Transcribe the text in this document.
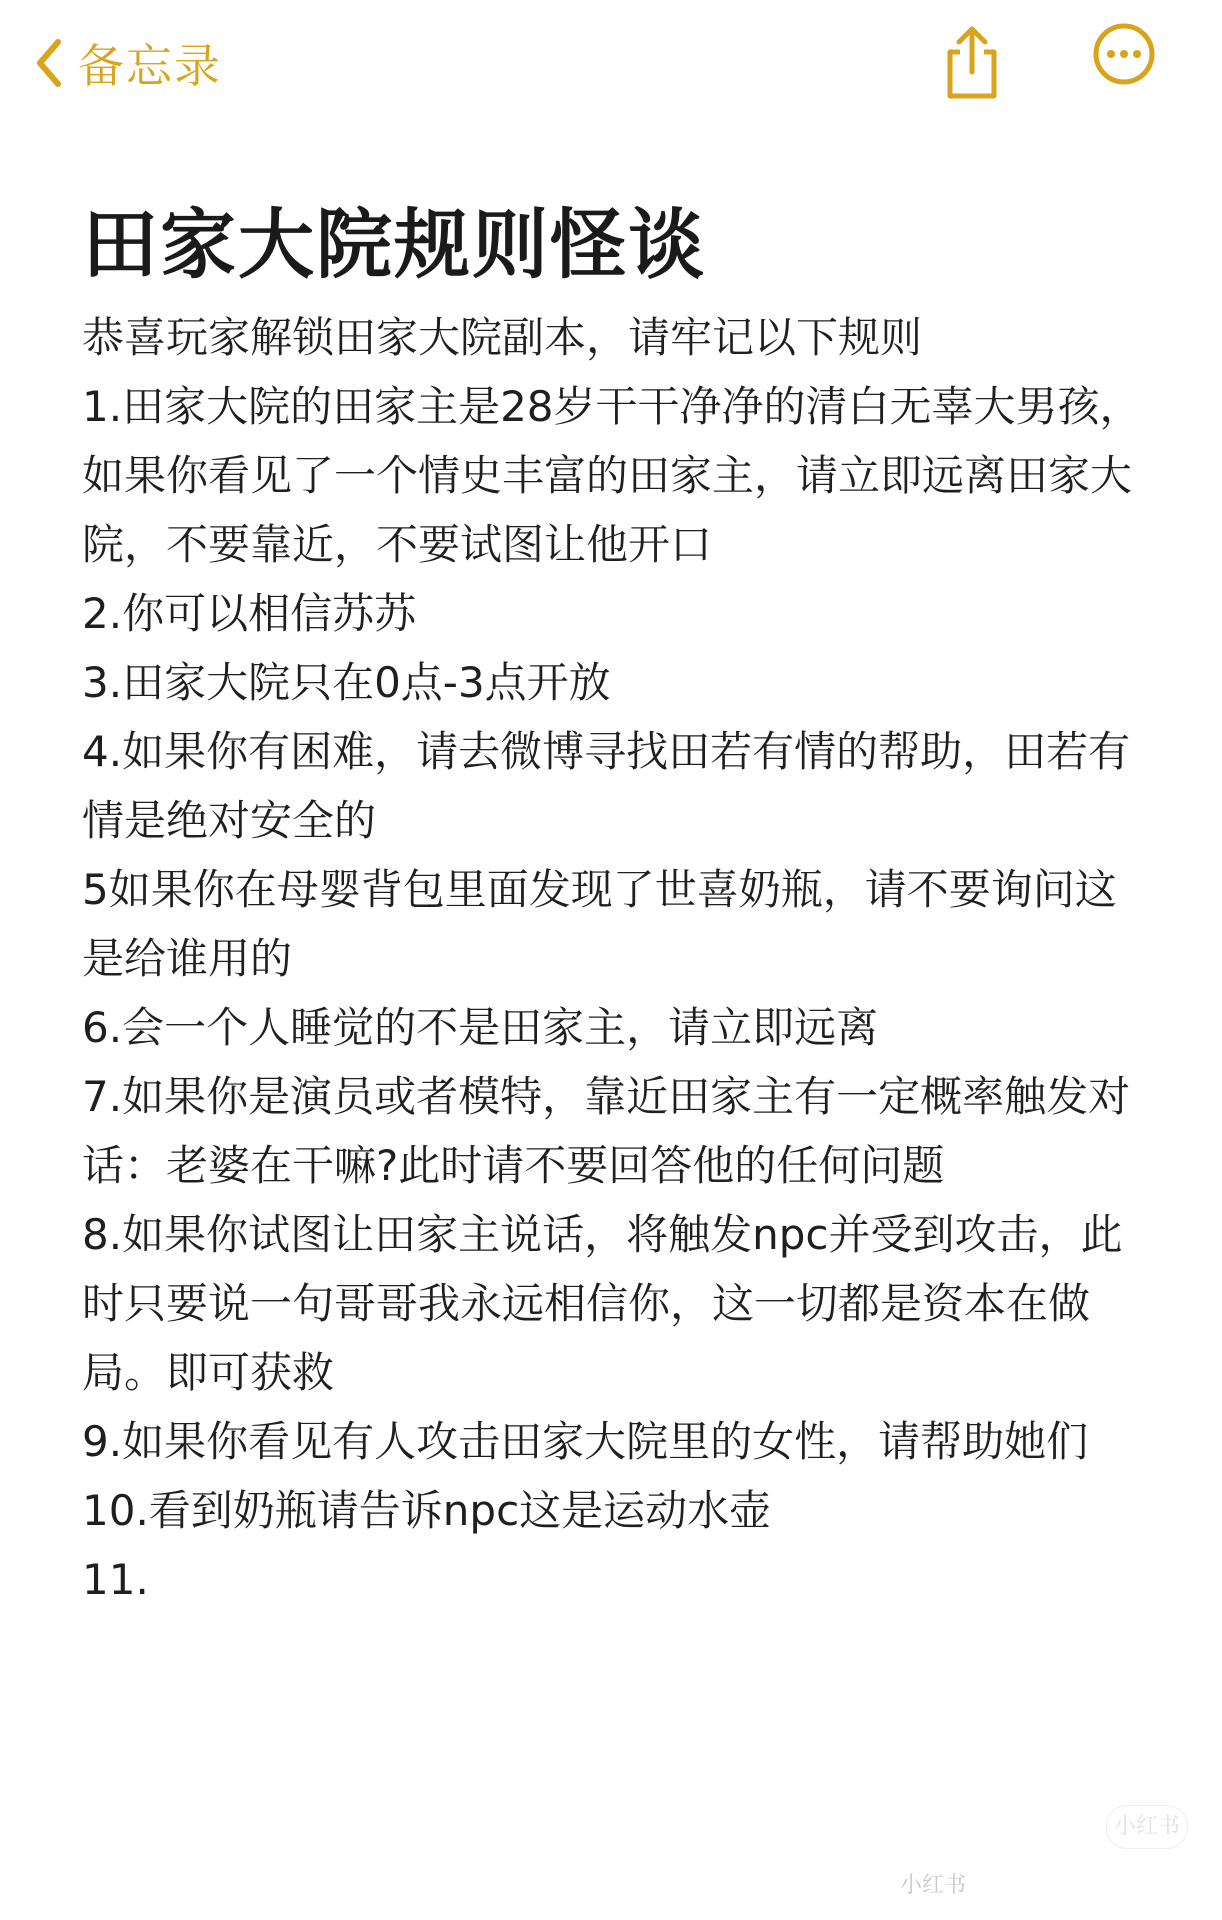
备忘录
田家大院规则怪谈

恭喜玩家解锁田家大院副本，请牢记以下规则

1.田家大院的田家主是28岁干干净净的清白无辜大男孩，如果你看见了一个情史丰富的田家主，请立即远离田家大院，不要靠近，不要试图让他开口
2.你可以相信苏苏
3.田家大院只在0点-3点开放
4.如果你有困难，请去微博寻找田若有情的帮助，田若有情是绝对安全的
5如果你在母婴背包里面发现了世喜奶瓶，请不要询问这是给谁用的
6.会一个人睡觉的不是田家主，请立即远离
7.如果你是演员或者模特，靠近田家主有一定概率触发对话：老婆在干嘛?此时请不要回答他的任何问题
8.如果你试图让田家主说话，将触发npc并受到攻击，此时只要说一句哥哥我永远相信你，这一切都是资本在做局。即可获救
9.如果你看见有人攻击田家大院里的女性，请帮助她们
10.看到奶瓶请告诉npc这是运动水壶
11.
小红书
小红书
